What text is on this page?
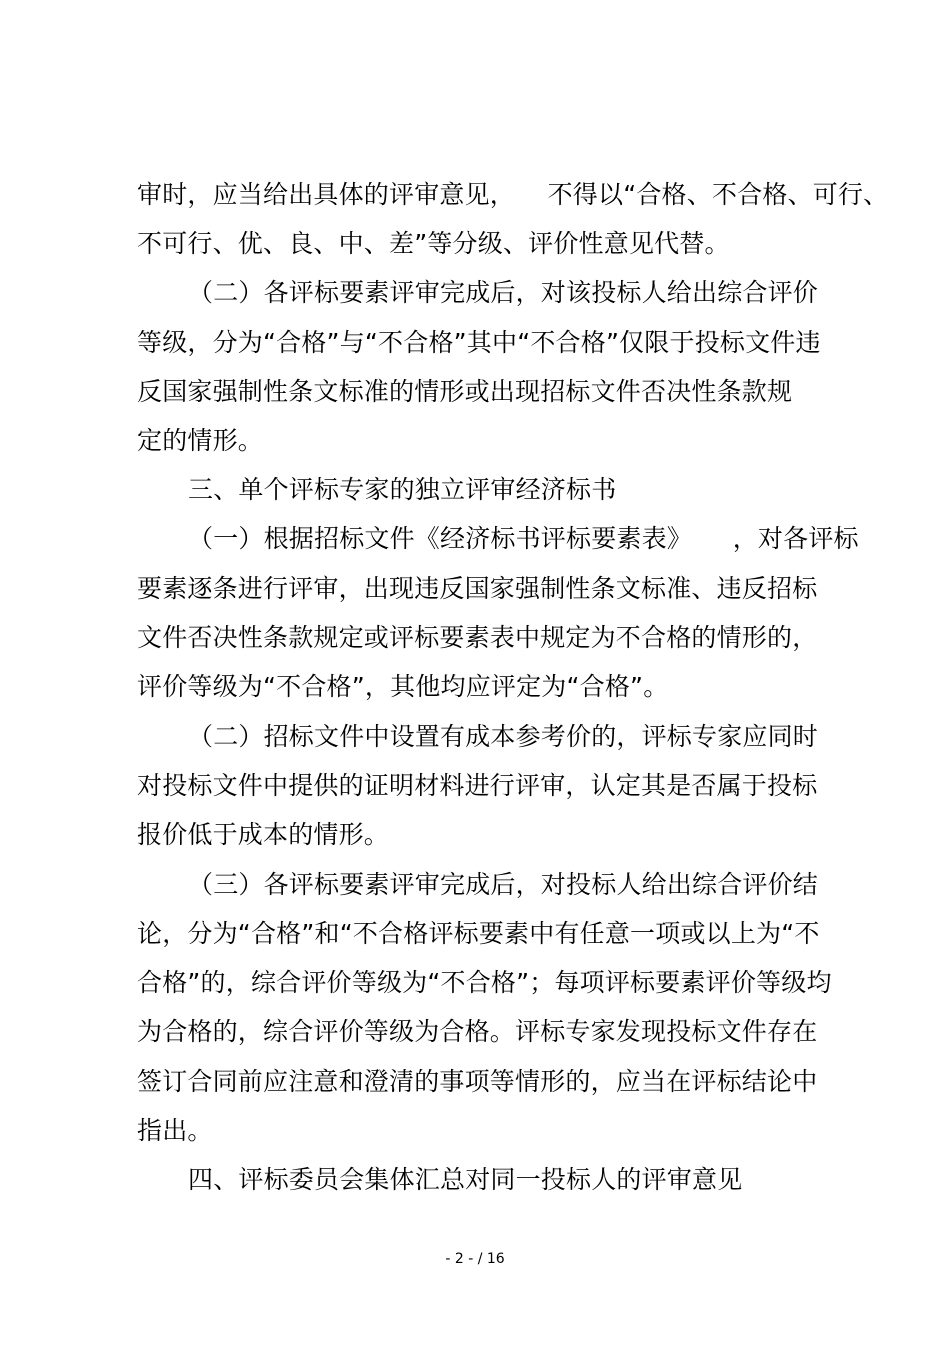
审时，应当给出具体的评审意见，    不得以“合格、不合格、可行、
不可行、优、良、中、差”等分级、评价性意见代替。
（二）各评标要素评审完成后，对该投标人给出综合评价
等级，分为“合格”与“不合格”其中“不合格”仅限于投标文件违
反国家强制性条文标准的情形或出现招标文件否决性条款规
定的情形。
三、单个评标专家的独立评审经济标书
（一）根据招标文件《经济标书评标要素表》     ，对各评标
要素逐条进行评审，出现违反国家强制性条文标准、违反招标
文件否决性条款规定或评标要素表中规定为不合格的情形的，
评价等级为“不合格”，其他均应评定为“合格”。
（二）招标文件中设置有成本参考价的，评标专家应同时
对投标文件中提供的证明材料进行评审，认定其是否属于投标
报价低于成本的情形。
（三）各评标要素评审完成后，对投标人给出综合评价结
论，分为“合格”和“不合格评标要素中有任意一项或以上为“不
合格”的，综合评价等级为“不合格”；每项评标要素评价等级均
为合格的，综合评价等级为合格。评标专家发现投标文件存在
签订合同前应注意和澄清的事项等情形的，应当在评标结论中
指出。
四、评标委员会集体汇总对同一投标人的评审意见
- 2 - / 16
